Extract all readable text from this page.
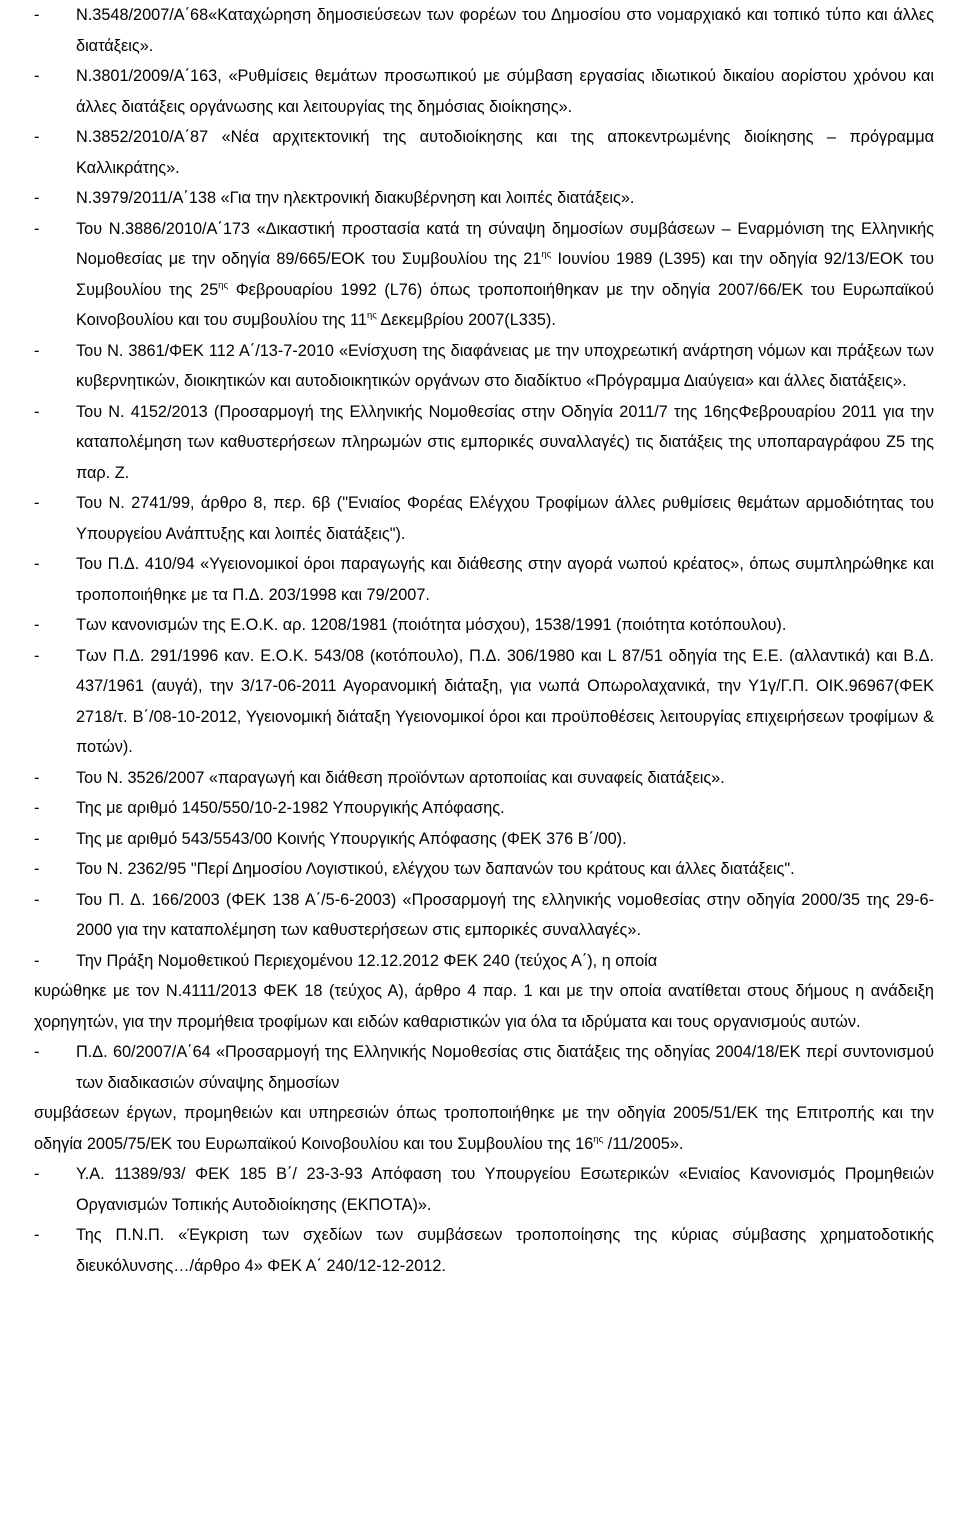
-	Ν.3548/2007/Α΄68«Καταχώρηση δημοσιεύσεων των φορέων του Δημοσίου στο νομαρχιακό και τοπικό τύπο και άλλες διατάξεις».
-	Ν.3801/2009/Α΄163, «Ρυθμίσεις θεμάτων προσωπικού με σύμβαση εργασίας ιδιωτικού δικαίου αορίστου χρόνου και άλλες διατάξεις οργάνωσης και λειτουργίας της δημόσιας διοίκησης».
-	Ν.3852/2010/Α΄87 «Νέα αρχιτεκτονική της αυτοδιοίκησης και της αποκεντρωμένης διοίκησης – πρόγραμμα Καλλικράτης».
-	Ν.3979/2011/Α΄138 «Για την ηλεκτρονική διακυβέρνηση και λοιπές διατάξεις».
-	Του Ν.3886/2010/Α΄173 «Δικαστική προστασία κατά τη σύναψη δημοσίων συμβάσεων – Εναρμόνιση της Ελληνικής Νομοθεσίας με την οδηγία 89/665/ΕΟΚ του Συμβουλίου της $21^{\eta\varsigma}$ Ιουνίου 1989 (L395) και την οδηγία 92/13/ΕΟΚ του Συμβουλίου της $25^{\eta\varsigma}$ Φεβρουαρίου 1992 (L76) όπως τροποποιήθηκαν με την οδηγία 2007/66/ΕΚ του Ευρωπαϊκού Κοινοβουλίου και του συμβουλίου της $11^{\eta\varsigma}$ Δεκεμβρίου 2007(L335).
-	Του Ν. 3861/ΦΕΚ 112 Α΄/13-7-2010 «Ενίσχυση της διαφάνειας με την υποχρεωτική ανάρτηση νόμων και πράξεων των κυβερνητικών, διοικητικών και αυτοδιοικητικών οργάνων στο διαδίκτυο «Πρόγραμμα Διαύγεια» και άλλες διατάξεις».
-	Του Ν. 4152/2013 (Προσαρμογή της Ελληνικής Νομοθεσίας στην Οδηγία 2011/7 της 16ηςΦεβρουαρίου 2011 για την καταπολέμηση των καθυστερήσεων πληρωμών στις εμπορικές συναλλαγές) τις διατάξεις της υποπαραγράφου Ζ5 της παρ. Ζ.
-	Του Ν. 2741/99, άρθρο 8, περ. 6β ("Ενιαίος Φορέας Ελέγχου Τροφίμων άλλες ρυθμίσεις θεμάτων αρμοδιότητας του Υπουργείου Ανάπτυξης και λοιπές διατάξεις").
-	Του Π.Δ. 410/94 «Υγειονομικοί όροι παραγωγής και διάθεσης στην αγορά νωπού κρέατος», όπως συμπληρώθηκε και τροποποιήθηκε με τα Π.Δ. 203/1998 και 79/2007.
-	Των κανονισμών της Ε.Ο.Κ. αρ. 1208/1981 (ποιότητα μόσχου), 1538/1991 (ποιότητα κοτόπουλου).
-	Των Π.Δ. 291/1996 καν. Ε.Ο.Κ. 543/08 (κοτόπουλο), Π.Δ. 306/1980 και L 87/51 οδηγία της Ε.Ε. (αλλαντικά) και Β.Δ. 437/1961 (αυγά), την 3/17-06-2011 Αγορανομική διάταξη, για νωπά Οπωρολαχανικά, την Υ1γ/Γ.Π. ΟΙΚ.96967(ΦΕΚ 2718/τ. Β΄/08-10-2012, Υγειονομική διάταξη Υγειονομικοί όροι και προϋποθέσεις λειτουργίας επιχειρήσεων τροφίμων & ποτών).
-	Του Ν. 3526/2007 «παραγωγή και διάθεση προϊόντων αρτοποιίας και συναφείς διατάξεις».
-	Της με αριθμό 1450/550/10-2-1982 Υπουργικής Απόφασης.
-	Της με αριθμό 543/5543/00 Κοινής Υπουργικής Απόφασης (ΦΕΚ 376 Β΄/00).
-	Του Ν. 2362/95 "Περί Δημοσίου Λογιστικού, ελέγχου των δαπανών του κράτους και άλλες διατάξεις".
-	Του Π. Δ. 166/2003 (ΦΕΚ 138 Α΄/5-6-2003) «Προσαρμογή της ελληνικής νομοθεσίας στην οδηγία 2000/35 της 29-6-2000 για την καταπολέμηση των καθυστερήσεων στις εμπορικές συναλλαγές».
-	Την Πράξη Νομοθετικού Περιεχομένου 12.12.2012 ΦΕΚ 240 (τεύχος Α΄), η οποία
κυρώθηκε με τον Ν.4111/2013 ΦΕΚ 18 (τεύχος Α), άρθρο 4 παρ. 1 και με την οποία ανατίθεται στους δήμους η ανάδειξη χορηγητών, για την προμήθεια τροφίμων και ειδών καθαριστικών για όλα τα ιδρύματα και τους οργανισμούς αυτών.
-	Π.Δ. 60/2007/Α΄64 «Προσαρμογή της Ελληνικής Νομοθεσίας στις διατάξεις της οδηγίας 2004/18/ΕΚ περί συντονισμού των διαδικασιών σύναψης δημοσίων
συμβάσεων έργων, προμηθειών και υπηρεσιών όπως τροποποιήθηκε με την οδηγία 2005/51/ΕΚ της Επιτροπής και την οδηγία 2005/75/ΕΚ του Ευρωπαϊκού Κοινοβουλίου και του Συμβουλίου της $16^{\eta\varsigma}$ /11/2005».
-	Υ.Α. 11389/93/ ΦΕΚ 185 Β΄/ 23-3-93 Απόφαση του Υπουργείου Εσωτερικών «Ενιαίος Κανονισμός Προμηθειών Οργανισμών Τοπικής Αυτοδιοίκησης (ΕΚΠΟΤΑ)».
-	Της Π.Ν.Π. «Έγκριση των σχεδίων των συμβάσεων τροποποίησης της κύριας σύμβασης χρηματοδοτικής διευκόλυνσης…/άρθρο 4» ΦΕΚ Α΄ 240/12-12-2012.
